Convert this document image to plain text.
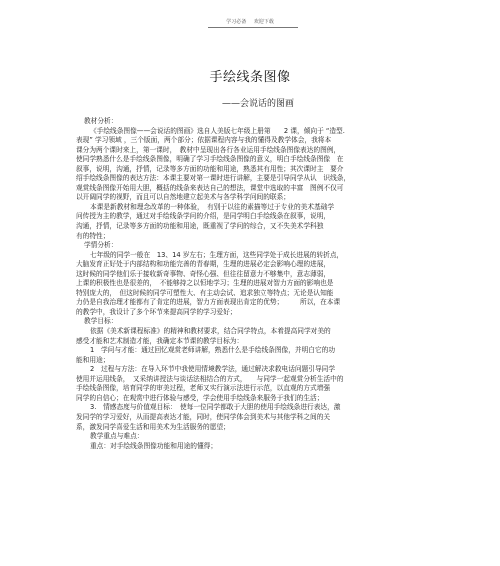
学习必备 欢迎下载
手绘线条图像
——会说话的图画
教材分析：
《手绘线条图像——会说话的图画》选自人美版七年级上册第　　2 课，倾向于 “造型.
表现” 学习领域 ，三个版面，两个部分；依据课程内容与我的懂得及教学体会，我将本
课分为两个课时来上，第一课时，　教材中呈现出各行各业运用手绘线条图像表达的图例，
使同学熟悉什么是手绘线条图像，明确了学习手绘线条图像的意义，明白手绘线条图像　在
叙事，说明，沟通，抒情，记录等多方面的功能和用途，熟悉其有用性；其次课时主　要介
绍手绘线条图像的表达方法：本课主要对第一课时进行讲解，主要是引导同学从认　识线条，
观赏线条图像开始用大胆，概括的线条来表达自己的想法，课堂中选取的丰富　图例不仅可
以开阔同学的视野，而且可以自然地建立起美术与各学科学问间的联系；
本课是新教材和理念改革的一种体验，　有别于以往的素描等过于专业的美术基础学
问传授为主的教学，通过对手绘线条学问的介绍，是同学明白手绘线条在叙事，说明，
沟通，抒情，记录等多方面的功能和用途，既重视了学问的综合，又不失美术学科独
有的特性；
学情分析：
七年级的同学一般在　13、14 岁左右；生理方面，这些同学处于成长进展的转折点，
大脑发育正好处于内部结构和功能完善的青春期，生理的进展必定会影响心理的进展，
这时候的同学他们乐于接收新奇事物、奇怪心强、但往往留意力不够集中，意志薄弱，
上课的积极性也是很差的，　不能够持之以恒地学习；生理的进展对智力方面的影响也是
特别庞大的，　但这时候的同学可塑性大、有主动会试、追求独立等特点；无论是认知能
力仍是自我治理才能都有了肯定的进展，智力方面表现出肯定的优势；　　　所以，在本课
的教学中，我设计了多个环节来提高同学的学习爱好；
教学目标：
依据《美术新课程标准》的精神和教材要求，结合同学特点，本着提高同学对美的
感受才能和艺术制造才能，我确定本节课的教学目标为：
1　学问与才能：通过回忆观赏老师讲解，熟悉什么是手绘线条图像，并明白它的功
能和用途；
2　过程与方法：在导入环节中我使用情境教学法，通过解决求救电话问题引导同学
使用并运用线条，　又采纳讲授法与谈话法相结合的方式，　　与同学一起观赏分析生活中的
手绘线条图像，培育同学的审美过程，老师又实行演示法进行示范，以直观的方式增强
同学的自信心；在观赏中进行体验与感受，学会使用手绘线条来服务于我们的生活；
3.　情感态度与价值观目标：　使每一位同学都敢于大胆的使用手绘线条进行表达，激
发同学的学习爱好，从而提高表达才能，同时，使同学体会到美术与其他学科之间的关
系，激发同学喜爱生活和用美术为生活服务的愿望；
教学重点与难点：
重点：对手绘线条图像功能和用途的懂得；
